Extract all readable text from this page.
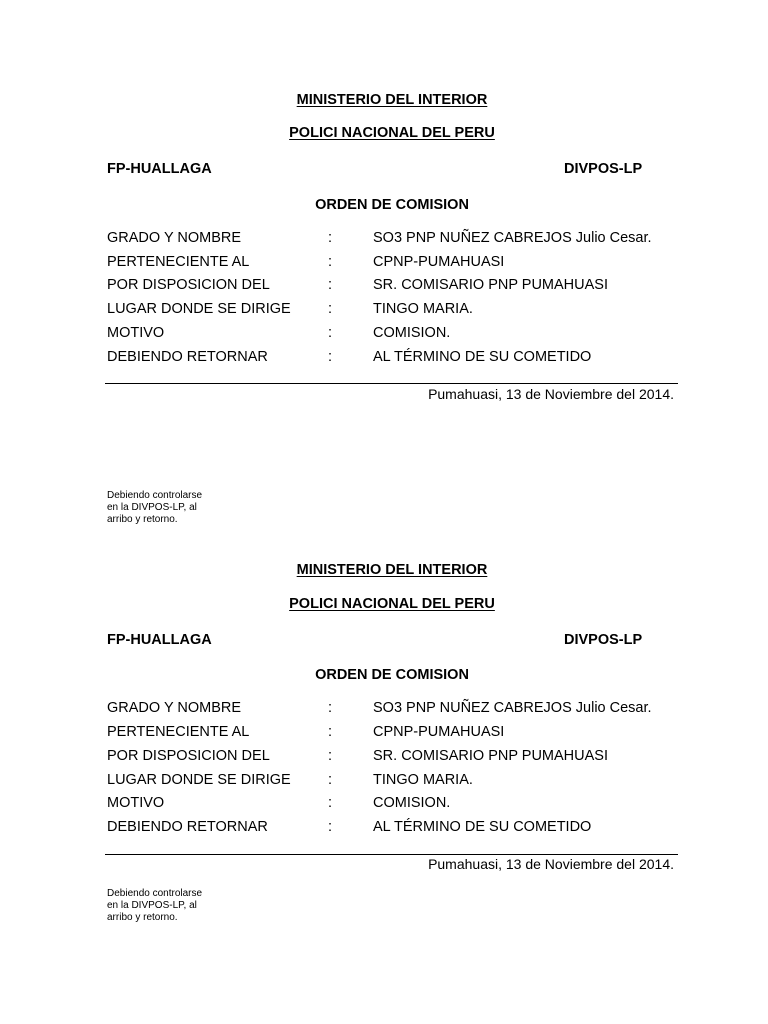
MINISTERIO DEL INTERIOR
POLICI NACIONAL DEL PERU
FP-HUALLAGA	DIVPOS-LP
ORDEN DE COMISION
GRADO Y NOMBRE	:	SO3 PNP NUÑEZ CABREJOS Julio Cesar.
PERTENECIENTE AL	:	CPNP-PUMAHUASI
POR DISPOSICION DEL	:	SR. COMISARIO PNP PUMAHUASI
LUGAR DONDE SE DIRIGE	:	TINGO MARIA.
MOTIVO	:	COMISION.
DEBIENDO RETORNAR	:	AL TÉRMINO DE SU COMETIDO
Pumahuasi, 13 de Noviembre del 2014.
Debiendo controlarse
en la DIVPOS-LP, al
arribo y retorno.
MINISTERIO DEL INTERIOR
POLICI NACIONAL DEL PERU
FP-HUALLAGA	DIVPOS-LP
ORDEN DE COMISION
GRADO Y NOMBRE	:	SO3 PNP NUÑEZ CABREJOS Julio Cesar.
PERTENECIENTE AL	:	CPNP-PUMAHUASI
POR DISPOSICION DEL	:	SR. COMISARIO PNP PUMAHUASI
LUGAR DONDE SE DIRIGE	:	TINGO MARIA.
MOTIVO	:	COMISION.
DEBIENDO RETORNAR	:	AL TÉRMINO DE SU COMETIDO
Pumahuasi, 13 de Noviembre del 2014.
Debiendo controlarse
en la DIVPOS-LP, al
arribo y retorno.
